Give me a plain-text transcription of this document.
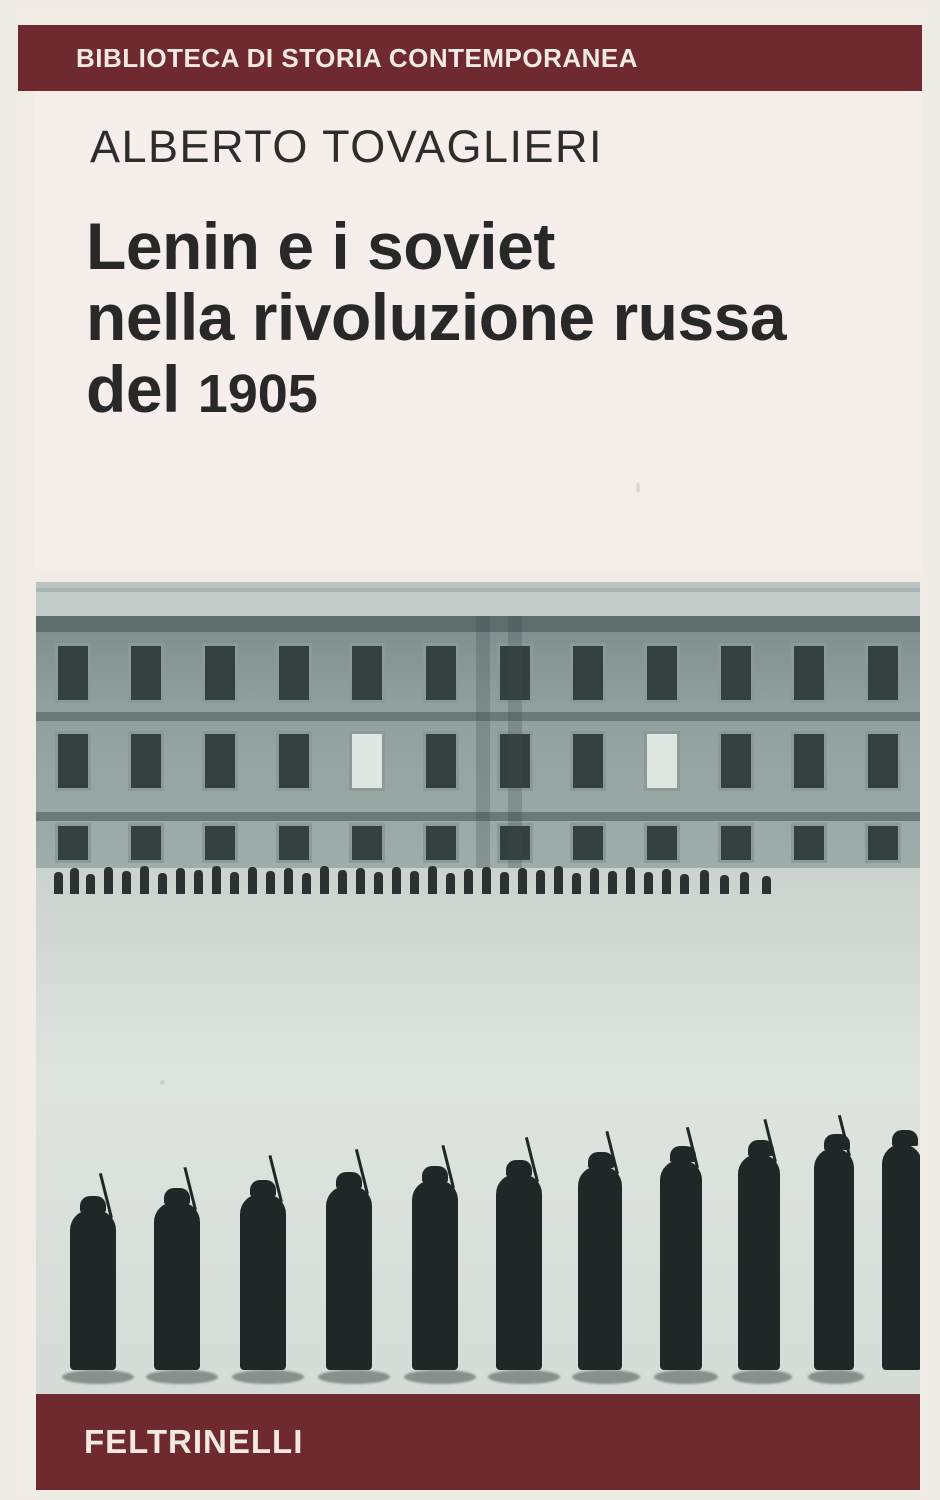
BIBLIOTECA DI STORIA CONTEMPORANEA
ALBERTO TOVAGLIERI
Lenin e i soviet
nella rivoluzione russa
del 1905
FELTRINELLI
